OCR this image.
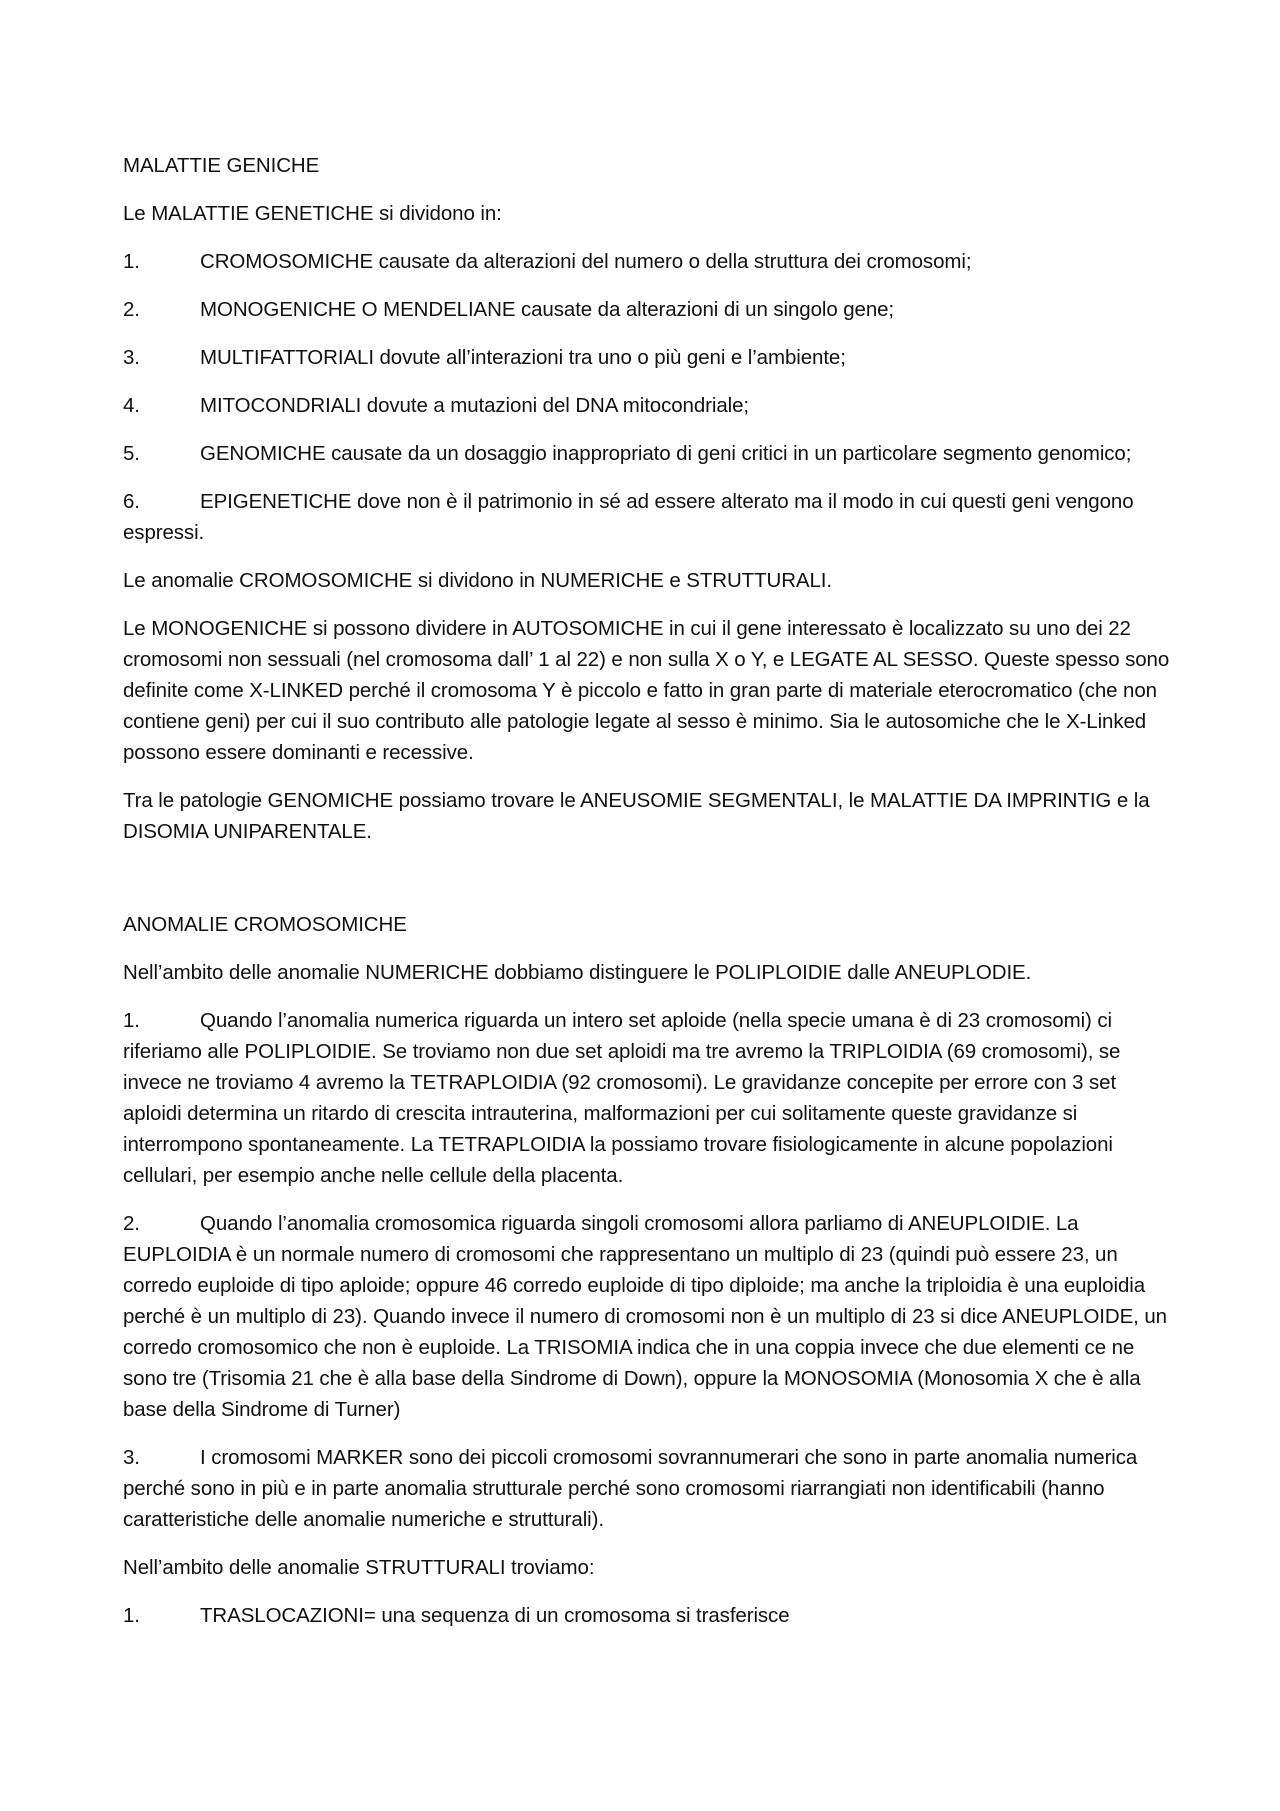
MALATTIE GENICHE
Le MALATTIE GENETICHE si dividono in:
1.	CROMOSOMICHE causate da alterazioni del numero o della struttura dei cromosomi;
2.	MONOGENICHE O MENDELIANE causate da alterazioni di un singolo gene;
3.	MULTIFATTORIALI dovute all’interazioni tra uno o più geni e l’ambiente;
4.	MITOCONDRIALI dovute a mutazioni del DNA mitocondriale;
5.	GENOMICHE causate da un dosaggio inappropriato di geni critici in un particolare segmento genomico;
6.	EPIGENETICHE dove non è il patrimonio in sé ad essere alterato ma il modo in cui questi geni vengono espressi.
Le anomalie CROMOSOMICHE si dividono in NUMERICHE e STRUTTURALI.
Le MONOGENICHE si possono dividere in AUTOSOMICHE in cui il gene interessato è localizzato su uno dei 22 cromosomi non sessuali (nel cromosoma dall’ 1 al 22) e non sulla X o Y, e LEGATE AL SESSO. Queste spesso sono definite come X-LINKED perché il cromosoma Y è piccolo e fatto in gran parte di materiale eterocromatico (che non contiene geni) per cui il suo contributo alle patologie legate al sesso è minimo. Sia le autosomiche che le X-Linked possono essere dominanti e recessive.
Tra le patologie GENOMICHE possiamo trovare le ANEUSOMIE SEGMENTALI, le MALATTIE DA IMPRINTIG e la DISOMIA UNIPARENTALE.
ANOMALIE CROMOSOMICHE
Nell’ambito delle anomalie NUMERICHE dobbiamo distinguere le POLIPLOIDIE dalle ANEUPLODIE.
1.	Quando l’anomalia numerica riguarda un intero set aploide (nella specie umana è di 23 cromosomi) ci riferiamo alle POLIPLOIDIE. Se troviamo non due set aploidi ma tre avremo la TRIPLOIDIA (69 cromosomi), se invece ne troviamo 4 avremo la TETRAPLOIDIA (92 cromosomi). Le gravidanze concepite per errore con 3 set aploidi determina un ritardo di crescita intrauterina, malformazioni per cui solitamente queste gravidanze si interrompono spontaneamente. La TETRAPLOIDIA la possiamo trovare fisiologicamente in alcune popolazioni cellulari, per esempio anche nelle cellule della placenta.
2.	Quando l’anomalia cromosomica riguarda singoli cromosomi allora parliamo di ANEUPLOIDIE. La EUPLOIDIA è un normale numero di cromosomi che rappresentano un multiplo di 23 (quindi può essere 23, un corredo euploide di tipo aploide; oppure 46 corredo euploide di tipo diploide; ma anche la triploidia è una euploidia perché è un multiplo di 23). Quando invece il numero di cromosomi non è un multiplo di 23 si dice ANEUPLOIDE, un corredo cromosomico che non è euploide. La TRISOMIA indica che in una coppia invece che due elementi ce ne sono tre (Trisomia 21 che è alla base della Sindrome di Down), oppure la MONOSOMIA (Monosomia X che è alla base della Sindrome di Turner)
3.	I cromosomi MARKER sono dei piccoli cromosomi sovrannumerari che sono in parte anomalia numerica perché sono in più e in parte anomalia strutturale perché sono cromosomi riarrangiati non identificabili (hanno caratteristiche delle anomalie numeriche e strutturali).
Nell’ambito delle anomalie STRUTTURALI troviamo:
1.	TRASLOCAZIONI= una sequenza di un cromosoma si trasferisce
